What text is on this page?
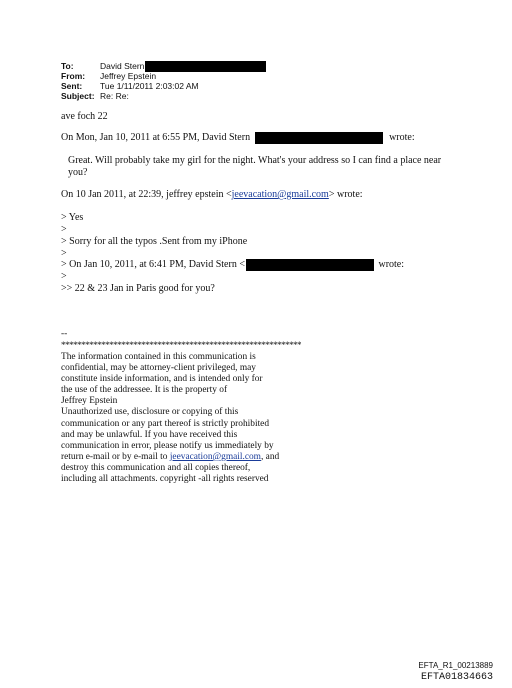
To:	David Stern
From:	Jeffrey Epstein
Sent:	Tue 1/11/2011 2:03:02 AM
Subject: Re: Re:
ave foch 22
On Mon, Jan 10, 2011 at 6:55 PM, David Stern	wrote:
Great. Will probably take my girl for the night. What's your address so I can find a place near
you?
On 10 Jan 2011, at 22:39, jeffrey epstein <jeevacation@gmail.com> wrote:
> Yes
>
> Sorry for all the typos .Sent from my iPhone
>
> On Jan 10, 2011, at 6:41 PM, David Stern <	wrote:
>
>> 22 & 23 Jan in Paris good for you?
--
************************************************************
The information contained in this communication is
confidential, may be attorney-client privileged, may
constitute inside information, and is intended only for
the use of the addressee. It is the property of
Jeffrey Epstein
Unauthorized use, disclosure or copying of this
communication or any part thereof is strictly prohibited
and may be unlawful. If you have received this
communication in error, please notify us immediately by
return e-mail or by e-mail to jeevacation@gmail.com, and
destroy this communication and all copies thereof,
including all attachments. copyright -all rights reserved
EFTA_R1_00213889
EFTA01834663
